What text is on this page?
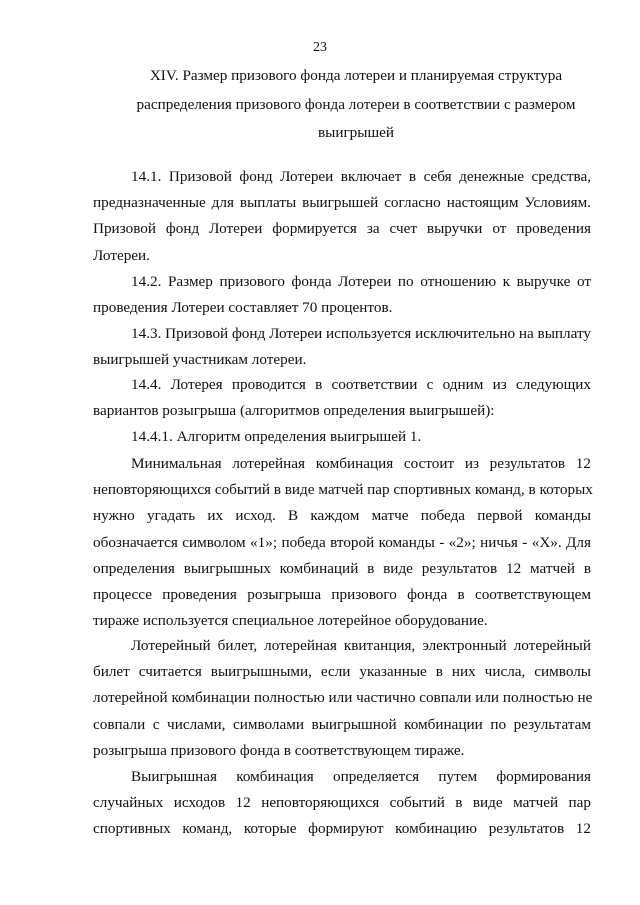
23
XIV. Размер призового фонда лотереи и планируемая структура
распределения призового фонда лотереи в соответствии с размером
выигрышей
14.1. Призовой фонд Лотереи включает в себя денежные средства,
предназначенные для выплаты выигрышей согласно настоящим Условиям.
Призовой фонд Лотереи формируется за счет выручки от проведения
Лотереи.
14.2. Размер призового фонда Лотереи по отношению к выручке от
проведения Лотереи составляет 70 процентов.
14.3. Призовой фонд Лотереи используется исключительно на выплату
выигрышей участникам лотереи.
14.4. Лотерея проводится в соответствии с одним из следующих
вариантов розыгрыша (алгоритмов определения выигрышей):
14.4.1. Алгоритм определения выигрышей 1.
Минимальная лотерейная комбинация состоит из результатов 12
неповторяющихся событий в виде матчей пар спортивных команд, в которых
нужно угадать их исход. В каждом матче победа первой команды
обозначается символом «1»; победа второй команды - «2»; ничья - «X». Для
определения выигрышных комбинаций в виде результатов 12 матчей в
процессе проведения розыгрыша призового фонда в соответствующем
тираже используется специальное лотерейное оборудование.
Лотерейный билет, лотерейная квитанция, электронный лотерейный
билет считается выигрышными, если указанные в них числа, символы
лотерейной комбинации полностью или частично совпали или полностью не
совпали с числами, символами выигрышной комбинации по результатам
розыгрыша призового фонда в соответствующем тираже.
Выигрышная комбинация определяется путем формирования
случайных исходов 12 неповторяющихся событий в виде матчей пар
спортивных команд, которые формируют комбинацию результатов 12
